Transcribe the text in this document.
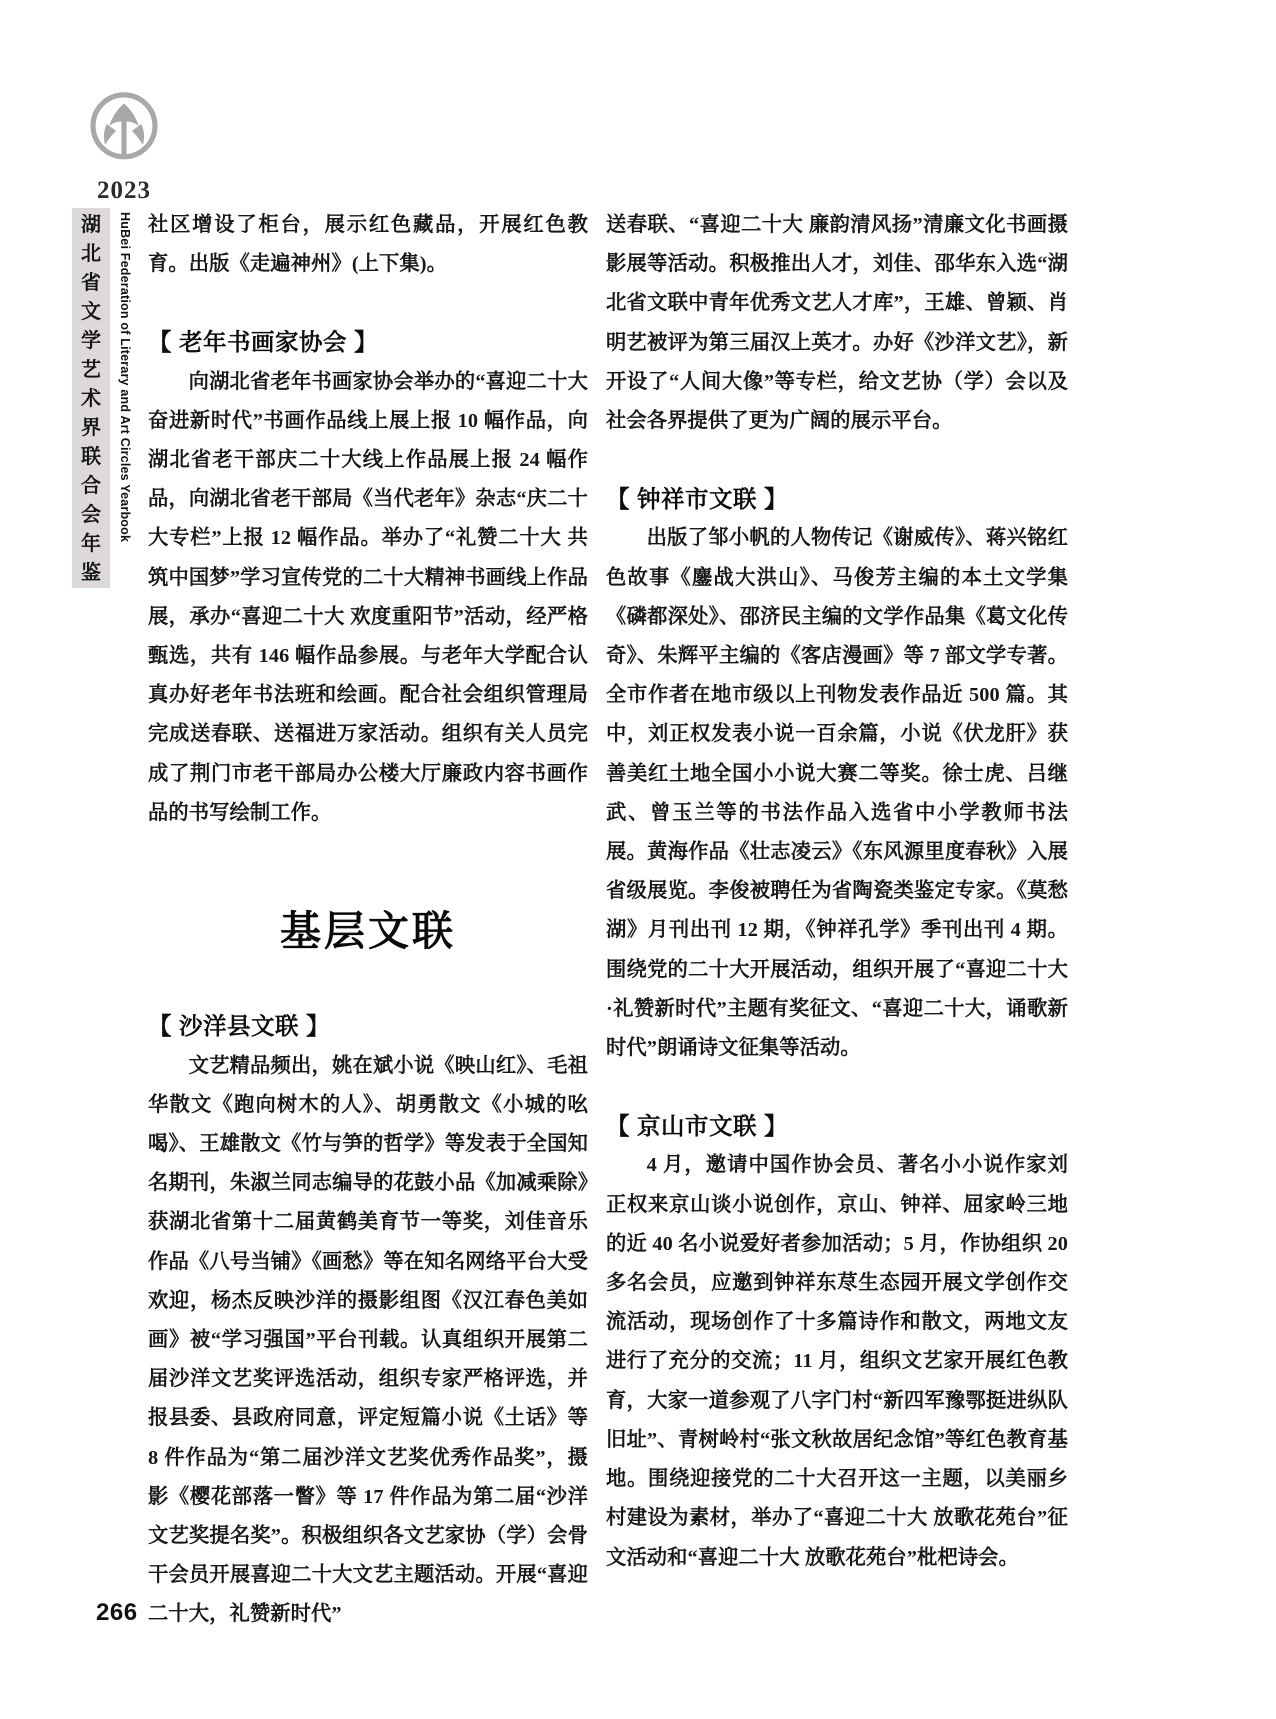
2023
湖
北
省
文
学
艺
术
界
联
合
会
年
鉴
HuBei Federation of Literary and Art Circles Yearbook 社区增设了柜台，展示红色藏品，开展红色教育。出版《走遍神州》(上下集)。

【 老年书画家协会 】

向湖北省老年书画家协会举办的“喜迎二十大 奋进新时代”书画作品线上展上报 10 幅作品，向湖北省老干部庆二十大线上作品展上报 24 幅作品，向湖北省老干部局《当代老年》杂志“庆二十大专栏”上报 12 幅作品。举办了“礼赞二十大 共筑中国梦”学习宣传党的二十大精神书画线上作品展，承办“喜迎二十大 欢度重阳节”活动，经严格甄选，共有 146 幅作品参展。与老年大学配合认真办好老年书法班和绘画。配合社会组织管理局完成送春联、送福进万家活动。组织有关人员完成了荆门市老干部局办公楼大厅廉政内容书画作品的书写绘制工作。

基层文联
【 沙洋县文联 】

文艺精品频出，姚在斌小说《映山红》、毛祖华散文《跑向树木的人》、胡勇散文《小城的吆喝》、王雄散文《竹与笋的哲学》等发表于全国知名期刊，朱淑兰同志编导的花鼓小品《加减乘除》获湖北省第十二届黄鹤美育节一等奖，刘佳音乐作品《八号当铺》《画愁》等在知名网络平台大受欢迎，杨杰反映沙洋的摄影组图《汉江春色美如画》被“学习强国”平台刊载。认真组织开展第二届沙洋文艺奖评选活动，组织专家严格评选，并报县委、县政府同意，评定短篇小说《土话》等 8 件作品为“第二届沙洋文艺奖优秀作品奖”，摄影《樱花部落一瞥》等 17 件作品为第二届“沙洋文艺奖提名奖”。积极组织各文艺家协（学）会骨干会员开展喜迎二十大文艺主题活动。开展“喜迎二十大，礼赞新时代”

送春联、“喜迎二十大 廉韵清风扬”清廉文化书画摄影展等活动。积极推出人才，刘佳、邵华东入选“湖北省文联中青年优秀文艺人才库”，王雄、曾颖、肖明艺被评为第三届汉上英才。办好《沙洋文艺》，新开设了“人间大像”等专栏，给文艺协（学）会以及社会各界提供了更为广阔的展示平台。

【 钟祥市文联 】

出版了邹小帆的人物传记《谢威传》、蒋兴铭红色故事《鏖战大洪山》、马俊芳主编的本土文学集《磷都深处》、邵济民主编的文学作品集《葛文化传奇》、朱辉平主编的《客店漫画》等 7 部文学专著。全市作者在地市级以上刊物发表作品近 500 篇。其中，刘正权发表小说一百余篇，小说《伏龙肝》获善美红土地全国小小说大赛二等奖。徐士虎、吕继武、曾玉兰等的书法作品入选省中小学教师书法展。黄海作品《壮志凌云》《东风源里度春秋》入展省级展览。李俊被聘任为省陶瓷类鉴定专家。《莫愁湖》月刊出刊 12 期，《钟祥孔学》季刊出刊 4 期。围绕党的二十大开展活动，组织开展了“喜迎二十大·礼赞新时代”主题有奖征文、“喜迎二十大，诵歌新时代”朗诵诗文征集等活动。

【 京山市文联 】

4 月，邀请中国作协会员、著名小小说作家刘正权来京山谈小说创作，京山、钟祥、屈家岭三地的近 40 名小说爱好者参加活动；5 月，作协组织 20 多名会员，应邀到钟祥东荩生态园开展文学创作交流活动，现场创作了十多篇诗作和散文，两地文友进行了充分的交流；11 月，组织文艺家开展红色教育，大家一道参观了八字门村“新四军豫鄂挺进纵队旧址”、青树岭村“张文秋故居纪念馆”等红色教育基地。围绕迎接党的二十大召开这一主题，以美丽乡村建设为素材，举办了“喜迎二十大 放歌花苑台”征文活动和“喜迎二十大 放歌花苑台”枇杷诗会。

266
